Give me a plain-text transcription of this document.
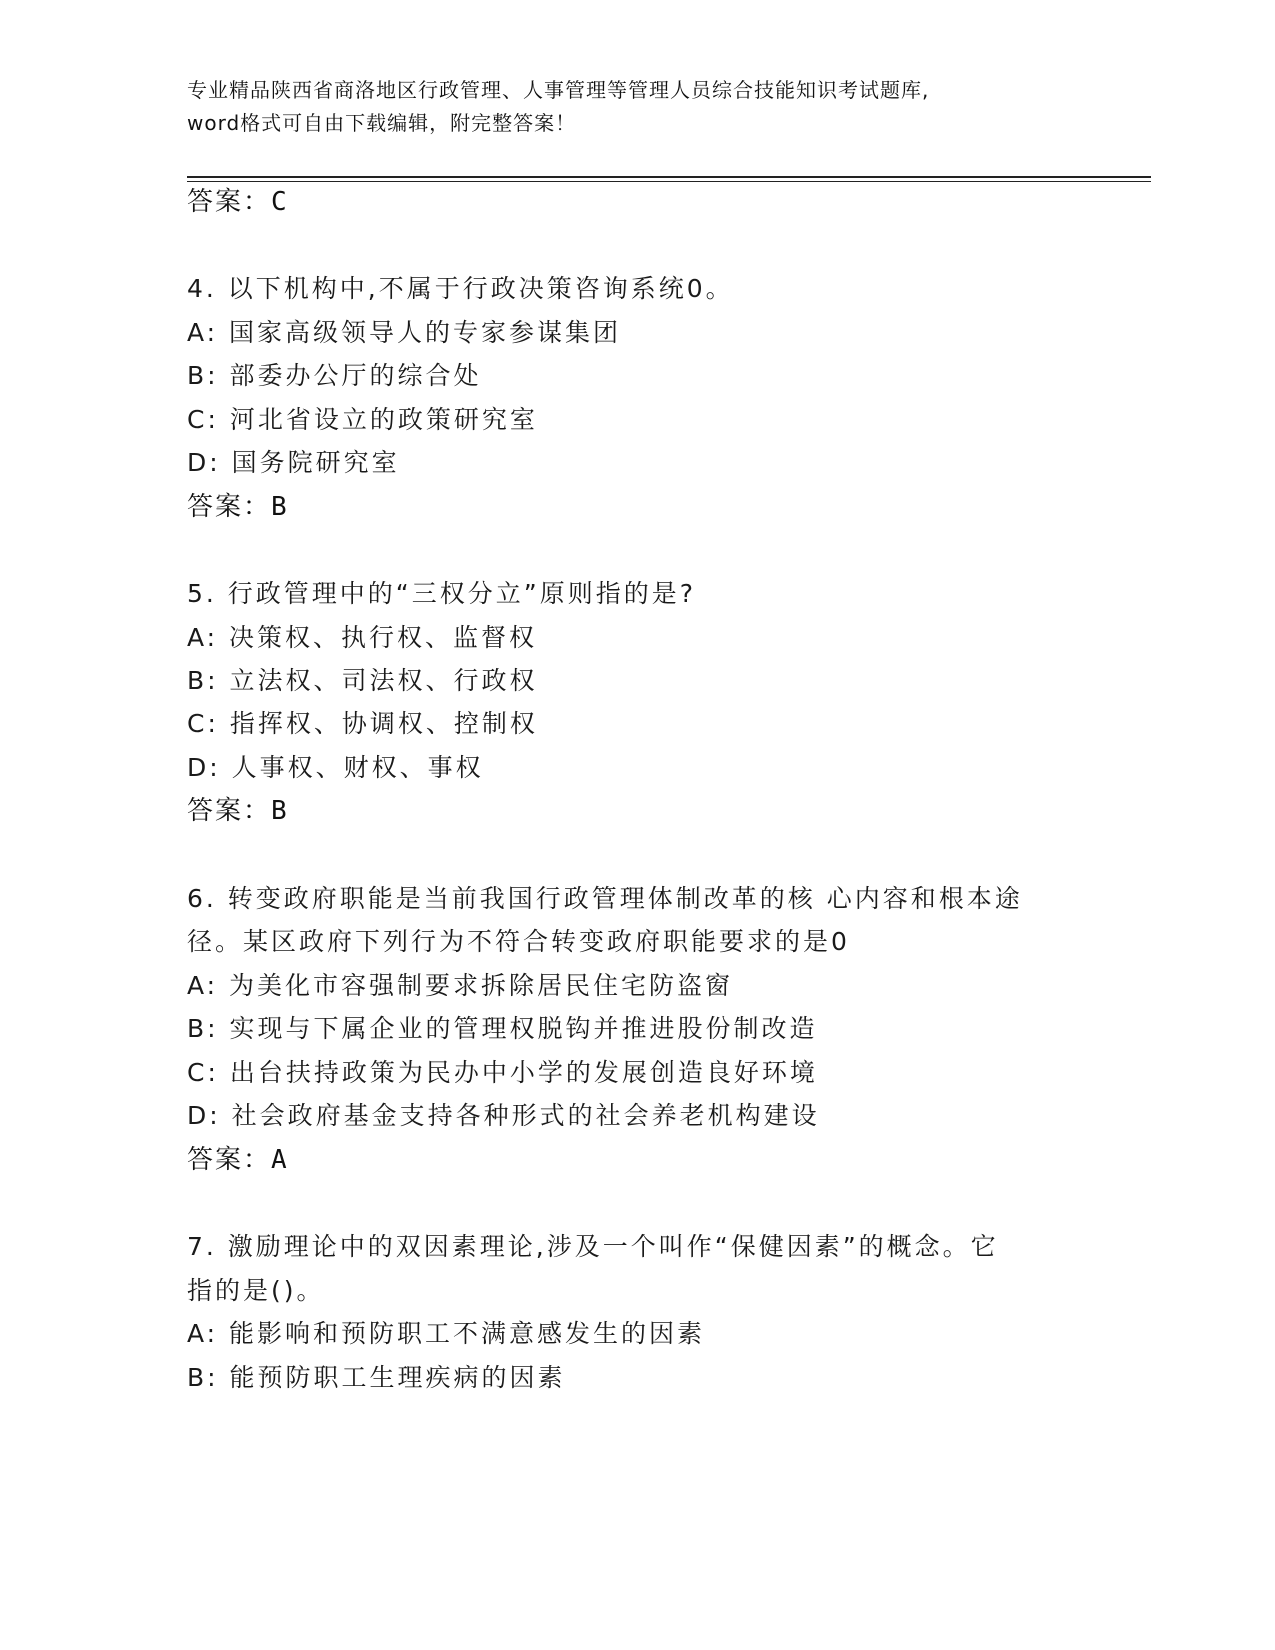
专业精品陕西省商洛地区行政管理、人事管理等管理人员综合技能知识考试题库,
word格式可自由下载编辑，附完整答案！
答案：C
4. 以下机构中,不属于行政决策咨询系统0。
A: 国家高级领导人的专家参谋集团
B: 部委办公厅的综合处
C: 河北省设立的政策研究室
D: 国务院研究室
答案：B
5. 行政管理中的“三权分立”原则指的是?
A: 决策权、执行权、监督权
B: 立法权、司法权、行政权
C: 指挥权、协调权、控制权
D: 人事权、财权、事权
答案：B
6. 转变政府职能是当前我国行政管理体制改革的核 心内容和根本途
径。某区政府下列行为不符合转变政府职能要求的是0
A: 为美化市容强制要求拆除居民住宅防盗窗
B: 实现与下属企业的管理权脱钩并推进股份制改造
C: 出台扶持政策为民办中小学的发展创造良好环境
D: 社会政府基金支持各种形式的社会养老机构建设
答案：A
7. 激励理论中的双因素理论,涉及一个叫作“保健因素”的概念。它
指的是()。
A: 能影响和预防职工不满意感发生的因素
B: 能预防职工生理疾病的因素
